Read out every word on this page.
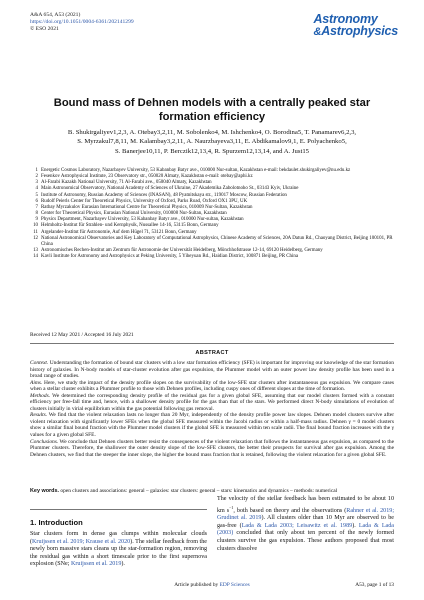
A&A 654, A53 (2021)
https://doi.org/10.1051/0004-6361/202141299
© ESO 2021
Astronomy
&Astrophysics
Bound mass of Dehnen models with a centrally peaked star formation efficiency
B. Shukirgaliyev1,2,3, A. Otebay3,2,11, M. Sobolenko4, M. Ishchenko4, O. Borodina5, T. Panamarev6,2,3,
S. Myrzakul7,8,11, M. Kalambay3,2,11, A. Naurzbayeva3,11, E. Abdikamalov9,1, E. Polyachenko5,
S. Banerjee10,11, P. Berczik12,13,4, R. Spurzem12,13,14, and A. Just15
1 Energetic Cosmos Laboratory, Nazarbayev University, 53 Kabanbay Batyr ave., 010000 Nur-sultan, Kazakhstan e-mail: bekdaulet.shukirgaliyev@nu.edu.kz
2 Fesenkov Astrophysical Institute, 23 Observatory str., 050020 Almaty, Kazakhstan e-mail: otebay@aphi.kz
3 Al-Farabi Kazakh National University, 71 Al-Farabi ave., 050040 Almaty, Kazakhstan
4 Main Astronomical Observatory, National Academy of Sciences of Ukraine, 27 Akademika Zabolotnoho St., 03143 Kyiv, Ukraine
5 Institute of Astronomy, Russian Academy of Sciences (INASAN), 48 Pyatnitskaya str., 119017 Moscow, Russian Federation
6 Rudolf Peierls Center for Theoretical Physics, University of Oxford, Parks Road, Oxford OX1 3PU, UK
7 Ratbay Myrzakulov Eurasian International Centre for Theoretical Physics, 010009 Nur-Sultan, Kazakhstan
8 Center for Theoretical Physics, Eurasian National University, 010008 Nur-Sultan, Kazakhstan
9 Physics Department, Nazarbayev University, 53 Kabanbay Batyr ave., 010000 Nur-sultan, Kazakhstan
10 Helmholtz-Institut für Strahlen- und Kernphysik, Nussallee 14-16, 53115 Bonn, Germany
11 Argelander-Institut für Astronomie, Auf dem Hügel 71, 53121 Bonn, Germany
12 National Astronomical Observatories and Key Laboratory of Computational Astrophysics, Chinese Academy of Sciences, 20A Datun Rd., Chaoyang District, Beijing 100101, PR China
13 Astronomisches Rechen-Institut am Zentrum für Astronomie der Universität Heidelberg, Mönchhofstrasse 12-14, 69120 Heidelberg, Germany
14 Kavli Institute for Astronomy and Astrophysics at Peking University, 5 Yiheyuan Rd., Haidian District, 100871 Beijing, PR China
Received 12 May 2021 / Accepted 16 July 2021
ABSTRACT

Context. Understanding the formation of bound star clusters with a low star formation efficiency (SFE) is important for improving our knowledge of the star formation history of galaxies. In N-body models of star-cluster evolution after gas expulsion, the Plummer model with an outer power law density profile has been used in a broad range of studies.

Aims. Here, we study the impact of the density profile slopes on the survivability of the low-SFE star clusters after instantaneous gas expulsion. We compare cases when a stellar cluster exhibits a Plummer profile to those with Dehnen profiles, including cuspy ones of different slopes at the time of formation.

Methods. We determined the corresponding density profile of the residual gas for a given global SFE, assuming that our model clusters formed with a constant efficiency per free-fall time and, hence, with a shallower density profile for the gas than that of the stars. We performed direct N-body simulations of evolution of clusters initially in virial equilibrium within the gas potential following gas removal.

Results. We find that the violent relaxation lasts no longer than 20 Myr, independently of the density profile power law slopes. Dehnen model clusters survive after violent relaxation with significantly lower SFEs when the global SFE measured within the Jacobi radius or within a half-mass radius. Dehnen γ = 0 model clusters show a similar final bound fraction with the Plummer model clusters if the global SFE is measured within ten scale radii. The final bound fraction increases with the γ values for a given global SFE.

Conclusions. We conclude that Dehnen clusters better resist the consequences of the violent relaxation that follows the instantaneous gas expulsion, as compared to the Plummer clusters. Therefore, the shallower the outer density slope of the low-SFE clusters, the better their prospects for survival after gas expulsion. Among the Dehnen clusters, we find that the steeper the inner slope, the higher the bound mass fraction that is retained, following the violent relaxation for a given global SFE.

Key words. open clusters and associations: general – galaxies: star clusters: general – stars: kinematics and dynamics – methods: numerical
1. Introduction
Star clusters form in dense gas clumps within molecular clouds (Kruijssen et al. 2019; Krause et al. 2020). The stellar feedback from the newly born massive stars cleans up the star-formation region, removing the residual gas within a short timescale prior to the first supernova explosion (SNe; Kruijssen et al. 2019).
The velocity of the stellar feedback has been estimated to be about 10 km $s^{-1}$, both based on theory and the observations (Rahner et al. 2019; Grudinet al. 2019). All clusters older than 10 Myr are observed to be gas-free (Lada & Lada 2003; Leisawitz et al. 1989). Lada & Lada (2003) concluded that only about ten percent of the newly formed clusters survive the gas expulsion. These authors proposed that most clusters dissolve
Article published by EDP Sciences	A53, page 1 of 13
